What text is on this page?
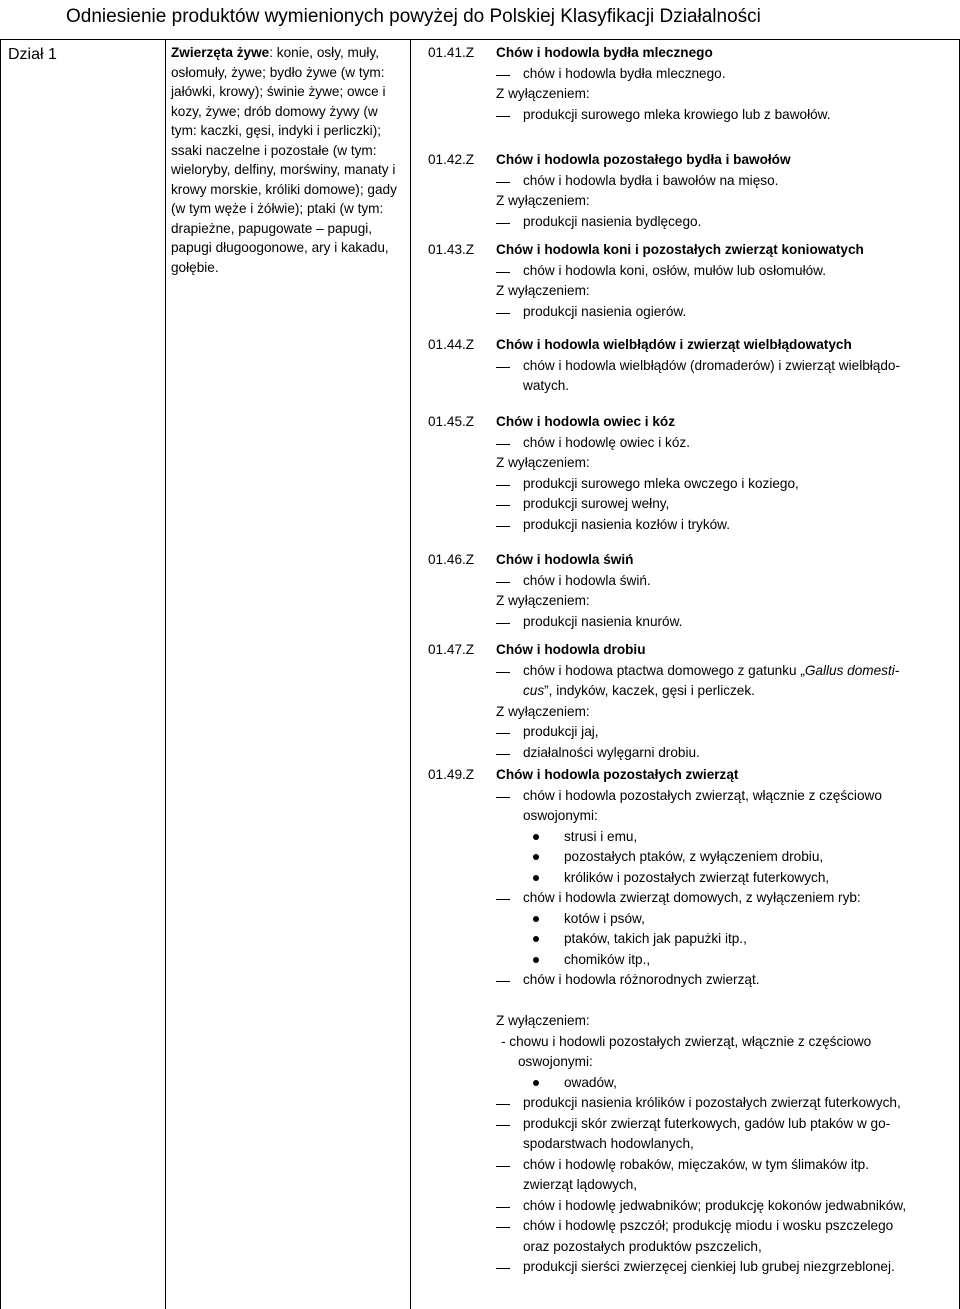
Odniesienie produktów wymienionych powyżej do Polskiej Klasyfikacji Działalności
Dział 1	Zwierzęta żywe: konie, osły, muły, osłomuły, żywe; bydło żywe (w tym: jałówki, krowy); świnie żywe; owce i kozy, żywe; drób domowy żywy (w tym: kaczki, gęsi, indyki i perliczki); ssaki naczelne i pozostałe (w tym: wieloryby, delfiny, morświny, manaty i krowy morskie, króliki domowe); gady (w tym węże i żółwie); ptaki (w tym: drapieżne, papugowate – papugi, papugi długoogonowe, ary i kakadu, gołębie.
01.41.Z Chów i hodowla bydła mlecznego
chów i hodowla bydła mlecznego.
Z wyłączeniem:
produkcji surowego mleka krowiego lub z bawołów.
01.42.Z Chów i hodowla pozostałego bydła i bawołów
chów i hodowla bydła i bawołów na mięso.
Z wyłączeniem:
produkcji nasienia bydlęcego.
01.43.Z Chów i hodowla koni i pozostałych zwierząt koniowatych
chów i hodowla koni, osłów, mułów lub osłomułów.
Z wyłączeniem:
produkcji nasienia ogierów.
01.44.Z Chów i hodowla wielbłądów i zwierząt wielbłądowatych
chów i hodowla wielbłądów (dromaderów) i zwierząt wielbłądo-
watych.
01.45.Z Chów i hodowla owiec i kóz
chów i hodowlę owiec i kóz.
Z wyłączeniem:
produkcji surowego mleka owczego i koziego,
produkcji surowej wełny,
produkcji nasienia kozłów i tryków.
01.46.Z Chów i hodowla świń
chów i hodowla świń.
Z wyłączeniem:
produkcji nasienia knurów.
01.47.Z Chów i hodowla drobiu
chów i hodowa ptactwa domowego z gatunku „Gallus domesti-
cus”, indyków, kaczek, gęsi i perliczek.
Z wyłączeniem:
produkcji jaj,
działalności wylęgarni drobiu.
01.49.Z Chów i hodowla pozostałych zwierząt
chów i hodowla pozostałych zwierząt, włącznie z częściowo
oswojonymi:
strusi i emu,
pozostałych ptaków, z wyłączeniem drobiu,
królików i pozostałych zwierząt futerkowych,
chów i hodowla zwierząt domowych, z wyłączeniem ryb:
kotów i psów,
ptaków, takich jak papużki itp.,
chomików itp.,
chów i hodowla różnorodnych zwierząt.
Z wyłączeniem:
- chowu i hodowli pozostałych zwierząt, włącznie z częściowo
oswojonymi:
owadów,
produkcji nasienia królików i pozostałych zwierząt futerkowych,
produkcji skór zwierząt futerkowych, gadów lub ptaków w go-
spodarstwach hodowlanych,
chów i hodowlę robaków, mięczaków, w tym ślimaków itp.
zwierząt lądowych,
chów i hodowlę jedwabników; produkcję kokonów jedwabników,
chów i hodowlę pszczół; produkcję miodu i wosku pszczelego
oraz pozostałych produktów pszczelich,
produkcji sierści zwierzęcej cienkiej lub grubej niezgrzeblonej.
